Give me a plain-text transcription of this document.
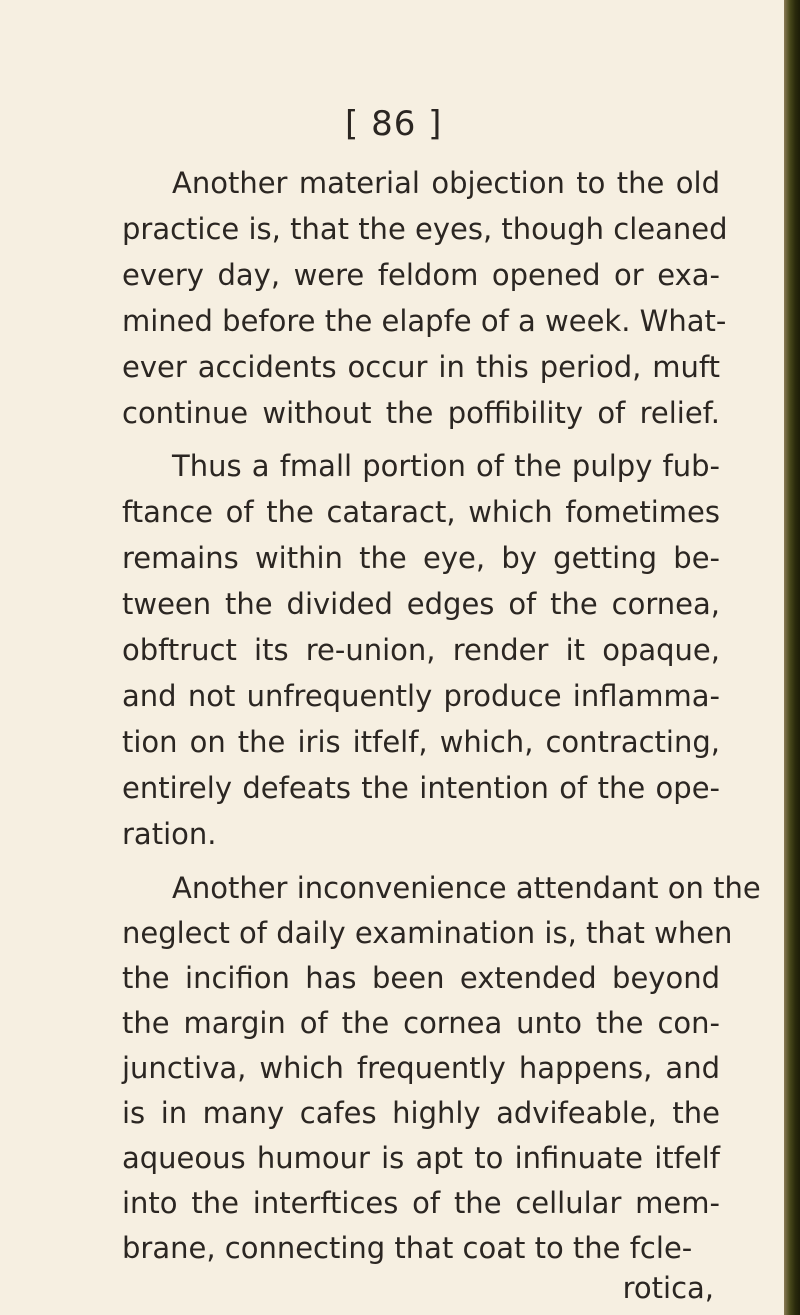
[ 86 ]
Another material objection to the old
practice is, that the eyes, though cleaned
every day, were feldom opened or exa-
mined before the elapfe of a week. What-
ever accidents occur in this period, muft
continue without the poffibility of relief.
Thus a fmall portion of the pulpy fub-
ftance of the cataract, which fometimes
remains within the eye, by getting be-
tween the divided edges of the cornea,
obftruct its re-union, render it opaque,
and not unfrequently produce inflamma-
tion on the iris itfelf, which, contracting,
entirely defeats the intention of the ope-
ration.
Another inconvenience attendant on the
neglect of daily examination is, that when
the incifion has been extended beyond
the margin of the cornea unto the con-
junctiva, which frequently happens, and
is in many cafes highly advifeable, the
aqueous humour is apt to infinuate itfelf
into the interftices of the cellular mem-
brane, connecting that coat to the fcle-
rotica,
